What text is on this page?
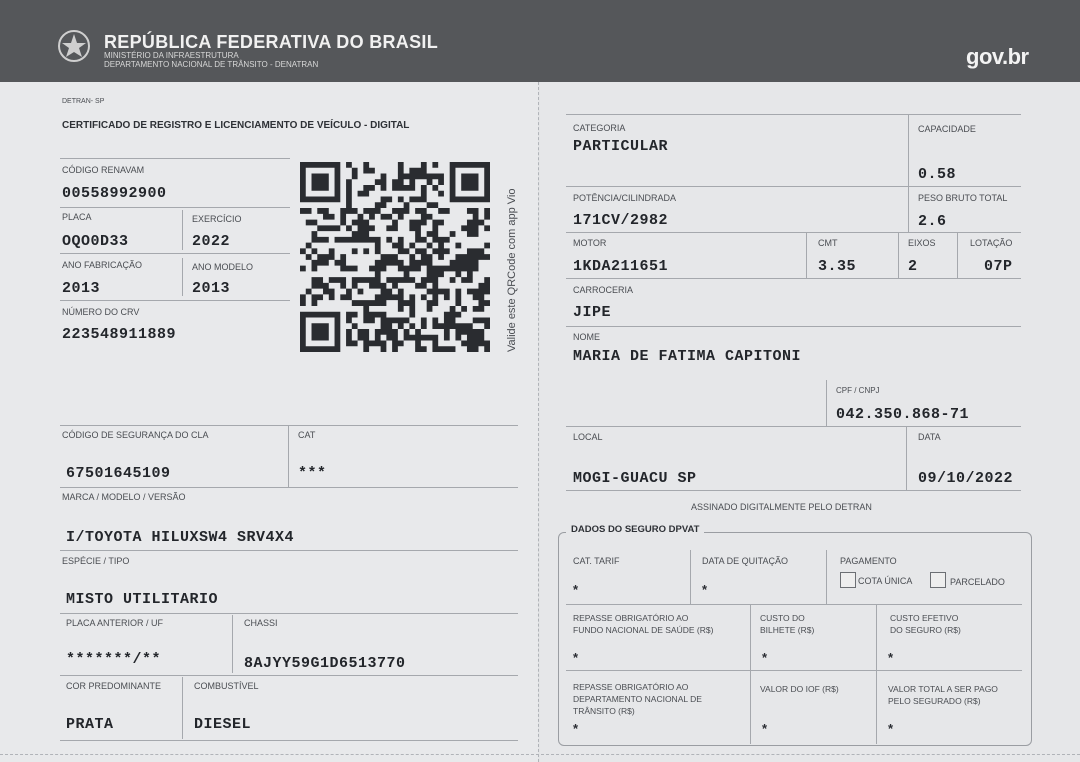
REPÚBLICA FEDERATIVA DO BRASIL
MINISTÉRIO DA INFRAESTRUTURA
DEPARTAMENTO NACIONAL DE TRÂNSITO - DENATRAN	gov.br
DETRAN- SP
CERTIFICADO DE REGISTRO E LICENCIAMENTO DE VEÍCULO - DIGITAL
CÓDIGO RENAVAM
00558992900
PLACA
OQO0D33
EXERCÍCIO
2022
ANO FABRICAÇÃO
2013
ANO MODELO
2013
NÚMERO DO CRV
223548911889	Valide este QRCode com app Vio
CÓDIGO DE SEGURANÇA DO CLA
67501645109
CAT
***
MARCA / MODELO / VERSÃO
I/TOYOTA HILUXSW4 SRV4X4
ESPÉCIE / TIPO
MISTO UTILITARIO
PLACA ANTERIOR / UF
*******/**
CHASSI
8AJYY59G1D6513770
COR PREDOMINANTE
PRATA
COMBUSTÍVEL
DIESEL
CATEGORIA
PARTICULAR
CAPACIDADE
0.58
POTÊNCIA/CILINDRADA
171CV/2982
PESO BRUTO TOTAL
2.6
MOTOR
1KDA211651
CMT
3.35
EIXOS
2
LOTAÇÃO
07P
CARROCERIA
JIPE
NOME
MARIA DE FATIMA CAPITONI
CPF / CNPJ
042.350.868-71
LOCAL
MOGI-GUACU SP
DATA
09/10/2022
ASSINADO DIGITALMENTE PELO DETRAN
DADOS DO SEGURO DPVAT
CAT. TARIF
*
DATA DE QUITAÇÃO
*
PAGAMENTO
COTA ÚNICA	PARCELADO
REPASSE OBRIGATÓRIO AO
FUNDO NACIONAL DE SAÚDE (R$)
*
CUSTO DO
BILHETE (R$)
*
CUSTO EFETIVO
DO SEGURO (R$)
*
REPASSE OBRIGATÓRIO AO
DEPARTAMENTO NACIONAL DE
TRÂNSITO (R$)
*
VALOR DO IOF (R$)
*
VALOR TOTAL A SER PAGO
PELO SEGURADO (R$)
*
